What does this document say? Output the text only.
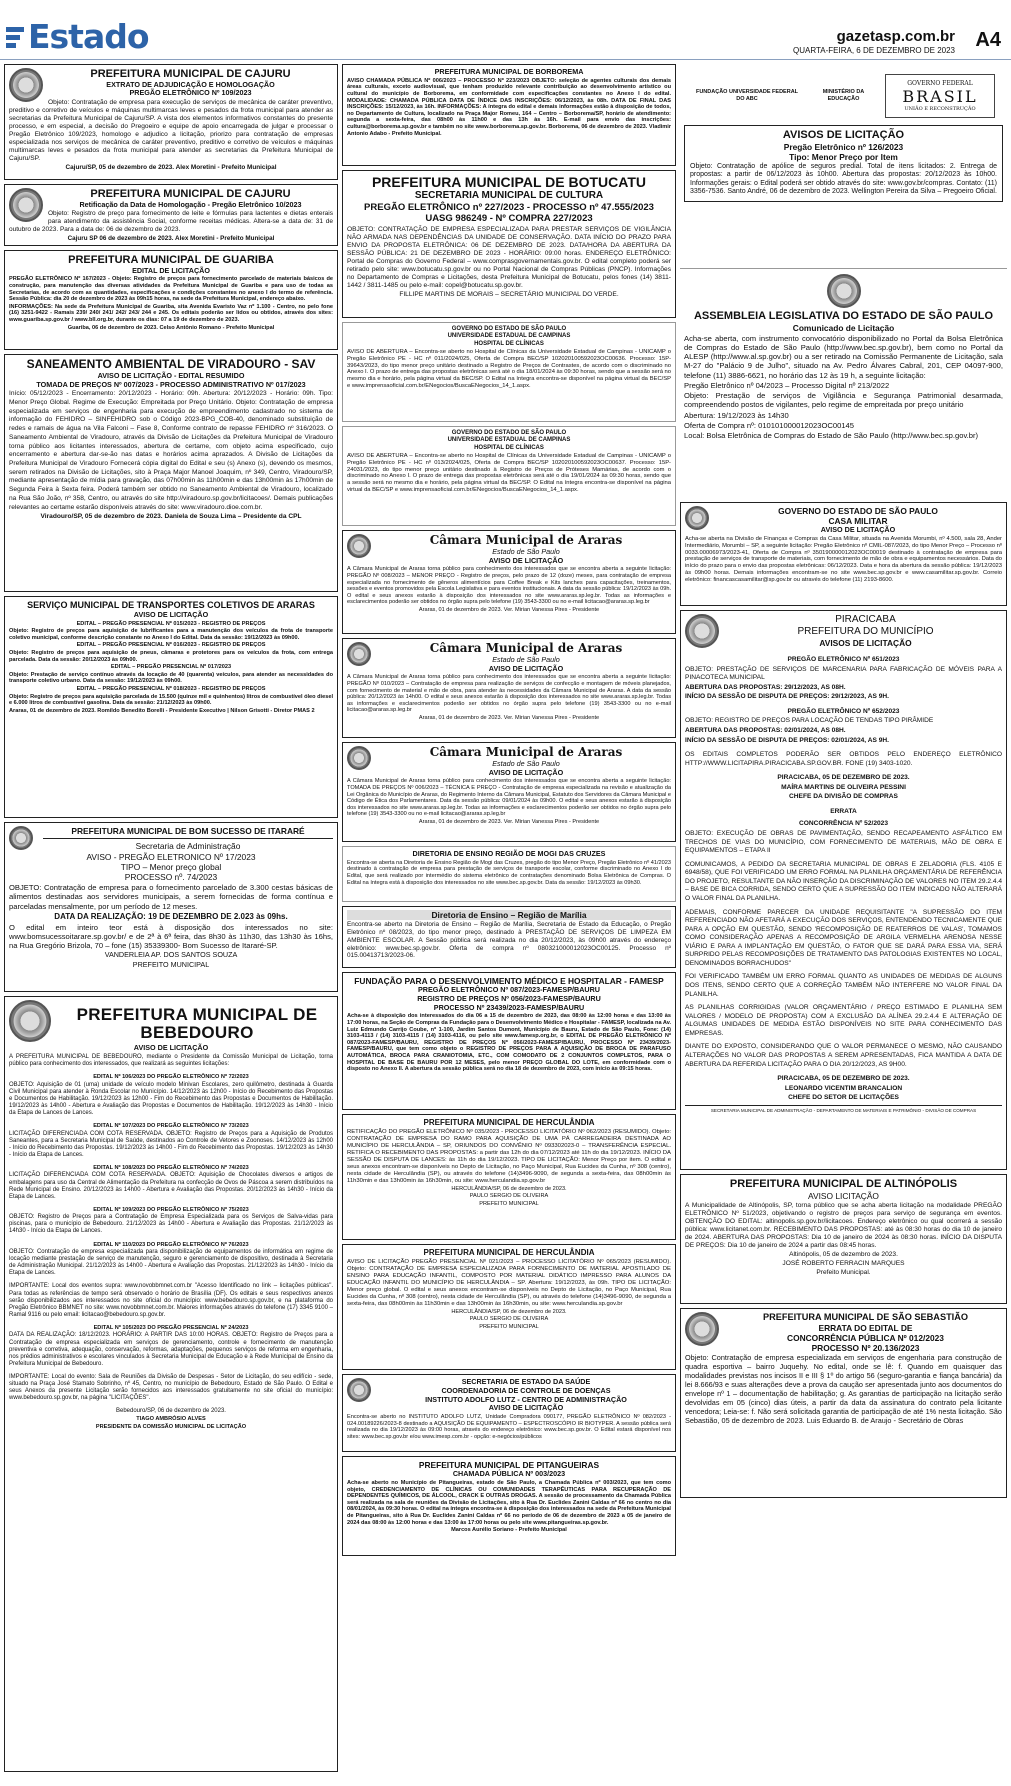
Estado	gazetasp.com.br
QUARTA-FEIRA, 6 DE DEZEMBRO DE 2023 A4
PREFEITURA MUNICIPAL DE CAJURU
EXTRATO DE ADJUDICAÇÃO E HOMOLOGAÇÃO
PREGÃO ELETRÔNICO Nº 109/2023

Objeto: Contratação de empresa para execução de serviços de mecânica de caráter preventivo, preditivo e corretivo de veículos e máquinas multimarcas leves e pesados da frota municipal para atender as secretarias da Prefeitura Municipal de Cajuru/SP. A vista dos elementos informativos constantes do presente processo, e em especial, a decisão do Pregoeiro e equipe de apoio encarregada de julgar e processar o Pregão Eletrônico 109/2023, homologo e adjudico a licitação, priorizo para contratação de empresas especializada nos serviços de mecânica de caráter preventivo, preditivo e corretivo de veículos e máquinas multimarcas leves e pesados da frota municipal para atender as secretarias da Prefeitura Municipal de Cajuru/SP.

Cajuru/SP, 05 de dezembro de 2023. Alex Moretini - Prefeito Municipal

PREFEITURA MUNICIPAL DE CAJURU
Retificação da Data de Homologação - Pregão Eletrônico 10/2023

Objeto: Registro de preço para fornecimento de leite e fórmulas para lactentes e dietas enterais para atendimento da assistência Social, conforme receitas médicas. Altera-se a data de: 31 de outubro de 2023. Para a data de: 06 de dezembro de 2023.

Cajuru SP 06 de dezembro de 2023. Alex Moretini - Prefeito Municipal

PREFEITURA MUNICIPAL DE GUARIBA
EDITAL DE LICITAÇÃO

PREGÃO ELETRÔNICO Nº 167/2023 - Objeto: Registro de preços para fornecimento parcelado de materiais básicos de construção, para manutenção das diversas atividades da Prefeitura Municipal de Guariba e para uso de todas as Secretarias, de acordo com as quantidades, especificações e condições constantes no anexo I do termo de referência. Sessão Pública: dia 20 de dezembro de 2023 às 09h15 horas, na sede da Prefeitura Municipal, endereço abaixo.

INFORMAÇÕES: Na sede da Prefeitura Municipal de Guariba, sita Avenida Evaristo Vaz nº 1.100 - Centro, no pelo fone (16) 3251-9422 - Ramais 239/ 240/ 241/ 242/ 243/ 244 e 245. Os editais poderão ser lidos ou obtidos, através dos sites: www.guariba.sp.gov.br / www.bll.org.br, durante os dias: 07 a 19 de dezembro de 2023.

Guariba, 06 de dezembro de 2023. Celso Antônio Romano - Prefeito Municipal

SANEAMENTO AMBIENTAL DE VIRADOURO - SAV
AVISO DE LICITAÇÃO - EDITAL RESUMIDO
TOMADA DE PREÇOS Nº 007/2023 - PROCESSO ADMINISTRATIVO Nº 017/2023

Início: 05/12/2023 - Encerramento: 20/12/2023 - Horário: 09h. Abertura: 20/12/2023 - Horário: 09h. Tipo: Menor Preço Global. Regime de Execução: Empreitada por Preço Unitário. Objeto: Contratação de empresa especializada em serviços de engenharia para execução de empreendimento cadastrado no sistema de informação do FEHIDRO – SINFEHIDRO sob o Código 2023-BPG_COB-40, denominado substituição de redes e ramais de água na Vila Falconi – Fase 8, Conforme contrato de repasse FEHIDRO nº 316/2023. O Saneamento Ambiental de Viradouro, através da Divisão de Licitações da Prefeitura Municipal de Viradouro torna público aos licitantes interessados, abertura de certame, com objeto acima especificado, cujo encerramento e abertura dar-se-ão nas datas e horários acima aprazados. A Divisão de Licitações da Prefeitura Municipal de Viradouro Fornecerá cópia digital do Edital e seu (s) Anexo (s), devendo os mesmos, serem retirados na Divisão de Licitações, sito à Praça Major Manoel Joaquim, nº 349, Centro, Viradouro/SP, mediante apresentação de mídia para gravação, das 07h00min às 11h00min e das 13h00min às 17h00min de Segunda Feira à Sexta feira. Poderá também ser obtido no Saneamento Ambiental de Viradouro, localizado na Rua São João, nº 358, Centro, ou através do site http://viradouro.sp.gov.br/licitacoes/. Demais publicações relevantes ao certame estarão disponíveis através do site: www.viradouro.dioe.com.br.

Viradouro/SP, 05 de dezembro de 2023. Daniela de Souza Lima – Presidente da CPL

SERVIÇO MUNICIPAL DE TRANSPORTES COLETIVOS DE ARARAS
AVISO DE LICITAÇÃO

EDITAL – PREGÃO PRESENCIAL Nº 015/2023 - REGISTRO DE PREÇOS

Objeto: Registro de preços para aquisição de lubrificantes para a manutenção dos veículos da frota de transporte coletivo municipal, conforme descrição constante no Anexo I do Edital. Data da sessão: 19/12/2023 às 09h00.

EDITAL – PREGÃO PRESENCIAL Nº 016/2023 - REGISTRO DE PREÇOS

Objeto: Registro de preços para aquisição de pneus, câmaras e protetores para os veículos da frota, com entrega parcelada. Data da sessão: 20/12/2023 às 09h00.

EDITAL – PREGÃO PRESENCIAL Nº 017/2023

Objeto: Prestação de serviço contínuo através da locação de 40 (quarenta) veículos, para atender as necessidades do transporte coletivo urbano. Data da sessão: 19/12/2023 às 09h00.

EDITAL – PREGÃO PRESENCIAL Nº 018/2023 - REGISTRO DE PREÇOS

Objeto: Registro de preços para aquisição parcelada de 15.500 (quinze mil e quinhentos) litros de combustível óleo diesel e 6.000 litros de combustível gasolina. Data da sessão: 21/12/2023 às 09h00.

Araras, 01 de dezembro de 2023. Romildo Benedito Borelli - Presidente Executivo | Nilson Grisotti - Diretor PMAS 2

PREFEITURA MUNICIPAL DE BOM SUCESSO DE ITARARÉ
Secretaria de Administração
AVISO - PREGÃO ELETRONICO Nº 17/2023
TIPO – Menor preço global
PROCESSO nº. 74/2023

OBJETO: Contratação de empresa para o fornecimento parcelado de 3.300 cestas básicas de alimentos destinadas aos servidores municipais, a serem fornecidas de forma contínua e parceladas mensalmente, por um período de 12 meses.

DATA DA REALIZAÇÃO: 19 DE DEZEMBRO DE 2.023 às 09hs.

O edital em inteiro teor está à disposição dos interessados no site: www.bomsucessoitarare.sp.gov.br/ e de 2ª à 6ª feira, das 8h30 às 11h30, das 13h30 às 16hs, na Rua Gregório Brizola, 70 – fone (15) 35339300- Bom Sucesso de Itararé-SP.

VANDERLEIA AP. DOS SANTOS SOUZA

PREFEITO MUNICIPAL

PREFEITURA MUNICIPAL DE BEBEDOURO
AVISO DE LICITAÇÃO

A PREFEITURA MUNICIPAL DE BEBEDOURO, mediante o Presidente da Comissão Municipal de Licitação, torna público para conhecimento dos interessados, que realizará as seguintes licitações:

EDITAL Nº 106/2023 DO PREGÃO ELETRÔNICO Nº 72/2023

OBJETO: Aquisição de 01 (uma) unidade de veículo modelo Minivan Escolares, zero quilômetro, destinada à Guarda Civil Municipal para atender à Ronda Escolar no Município. 14/12/2023 às 12h00 - Início do Recebimento das Propostas e Documentos de Habilitação. 19/12/2023 às 12h00 - Fim do Recebimento das Propostas e Documentos de Habilitação. 19/12/2023 às 14h00 - Abertura e Avaliação das Propostas e Documentos de Habilitação. 19/12/2023 às 14h30 - Início da Etapa de Lances de Lances.

EDITAL Nº 107/2023 DO PREGÃO ELETRÔNICO Nº 73/2023

LICITAÇÃO DIFERENCIADA COM COTA RESERVADA. OBJETO: Registro de Preços para a Aquisição de Produtos Saneantes, para a Secretaria Municipal de Saúde, destinados ao Controle de Vetores e Zoonoses. 14/12/2023 às 12h00 - Início do Recebimento das Propostas. 19/12/2023 às 14h00 - Fim do Recebimento das Propostas. 19/12/2023 às 14h30 - Início da Etapa de Lances.

EDITAL Nº 108/2023 DO PREGÃO ELETRÔNICO Nº 74/2023

LICITAÇÃO DIFERENCIADA COM COTA RESERVADA. OBJETO: Aquisição de Chocolates diversos e artigos de embalagens para uso da Central de Alimentação da Prefeitura na confecção de Ovos de Páscoa a serem distribuídos na Rede Municipal de Ensino. 20/12/2023 às 14h00 - Abertura e Avaliação das Propostas. 20/12/2023 às 14h30 - Início da Etapa de Lances.

EDITAL Nº 109/2023 DO PREGÃO ELETRÔNICO Nº 75/2023

OBJETO: Registro de Preços para a Contratação de Empresa Especializada para os Serviços de Salva-vidas para piscinas, para o município de Bebedouro. 21/12/2023 às 14h00 - Abertura e Avaliação das Propostas. 21/12/2023 às 14h30 - Início da Etapa de Lances.

EDITAL Nº 110/2023 DO PREGÃO ELETRÔNICO Nº 76/2023

OBJETO: Contratação de empresa especializada para disponibilização de equipamentos de informática em regime de locação mediante prestação de serviço de manutenção, seguro e gerenciamento de dispositivo, destinada à Secretaria de Administração Municipal. 21/12/2023 às 14h00 - Abertura e Avaliação das Propostas. 21/12/2023 às 14h30 - Início da Etapa de Lances.

IMPORTANTE: Local dos eventos supra: www.novobbmnet.com.br "Acesso Identificado no link – licitações públicas". Para todas as referências de tempo será observado o horário de Brasília (DF). Os editais e seus respectivos anexos serão disponibilizados aos interessados no site oficial do município: www.bebedouro.sp.gov.br, e na plataforma do Pregão Eletrônico BBMNET no site: www.novobbmnet.com.br. Maiores informações através do telefone (17) 3345 9100 – Ramal 9116 ou pelo email: licitacao@bebedouro.sp.gov.br.

EDITAL Nº 105/2023 DO PREGÃO PRESENCIAL Nº 24/2023

DATA DA REALIZAÇÃO: 18/12/2023. HORÁRIO: A PARTIR DAS 10:00 HORAS. OBJETO: Registro de Preços para a Contratação de empresa especializada em serviços de gerenciamento, controle e fornecimento de manutenção preventiva e corretiva, adequação, conservação, reformas, adaptações, pequenos serviços de reforma em engenharia, nos prédios administrativos e escolares vinculados à Secretaria Municipal de Educação e à Rede Municipal de Ensino da Prefeitura Municipal de Bebedouro.

IMPORTANTE: Local do evento: Sala de Reuniões da Divisão de Despesas - Setor de Licitação, do seu edifício - sede, situado na Praça José Stamato Sobrinho, nº 45, Centro, no município de Bebedouro, Estado de São Paulo. O Edital e seus Anexos da presente Licitação serão fornecidos aos interessados gratuitamente no site oficial do município: www.bebedouro.sp.gov.br, na página "LICITAÇÕES".

Bebedouro/SP, 06 de dezembro de 2023.

TIAGO AMBRÓSIO ALVES

PRESIDENTE DA COMISSÃO MUNICIPAL DE LICITAÇÃO

PREFEITURA MUNICIPAL DE BORBOREMA

AVISO CHAMADA PÚBLICA Nº 006/2023 – PROCESSO Nº 223/2023 OBJETO: seleção de agentes culturais dos demais áreas culturais, exceto audiovisual, que tenham produzido relevante contribuição ao desenvolvimento artístico ou cultural do município de Borborema, em conformidade com especificações constantes no Anexo I do edital. MODALIDADE: CHAMADA PÚBLICA DATA DE ÍNDICE DAS INSCRIÇÕES: 06/12/2023, às 08h. DATA DE FINAL DAS INSCRIÇÕES: 15/12/2023, às 16h. INFORMAÇÕES: A íntegra do edital e demais informações estão à disposição de todos, no Departamento de Cultura, localizado na Praça Major Romeu, 164 – Centro – Borborema/SP, horário de atendimento: segunda a sexta-feira, das 08h00 às 11h00 e das 13h às 16h. E-mail para envio das inscrições: cultura@borborema.sp.gov.br e também no site www.borborema.sp.gov.br. Borborema, 06 de dezembro de 2023. Vladimir Antonio Adabo - Prefeito Municipal.

PREFEITURA MUNICIPAL DE BOTUCATU
SECRETARIA MUNICIPAL DE CULTURA
PREGÃO ELETRÔNICO nº 227/2023 - PROCESSO nº 47.555/2023
UASG 986249 - Nº COMPRA 227/2023

OBJETO: CONTRATAÇÃO DE EMPRESA ESPECIALIZADA PARA PRESTAR SERVIÇOS DE VIGILÂNCIA NÃO ARMADA NAS DEPENDÊNCIAS DA UNIDADE DE CONSERVAÇÃO. DATA INÍCIO DO PRAZO PARA ENVIO DA PROPOSTA ELETRÔNICA: 06 DE DEZEMBRO DE 2023. DATA/HORA DA ABERTURA DA SESSÃO PÚBLICA: 21 DE DEZEMBRO DE 2023 - HORÁRIO: 09:00 horas. ENDEREÇO ELETRÔNICO: Portal de Compras do Governo Federal – www.comprasgovernamentais.gov.br. O edital completo poderá ser retirado pelo site: www.botucatu.sp.gov.br ou no Portal Nacional de Compras Públicas (PNCP). Informações no Departamento de Compras e Licitações, desta Prefeitura Municipal de Botucatu, pelos fones (14) 3811-1442 / 3811-1485 ou pelo e-mail: copel@botucatu.sp.gov.br.

FILLIPE MARTINS DE MORAIS – SECRETÁRIO MUNICIPAL DO VERDE.

GOVERNO DO ESTADO DE SÃO PAULO
UNIVERSIDADE ESTADUAL DE CAMPINAS
HOSPITAL DE CLÍNICAS

AVISO DE ABERTURA – Encontra-se aberto no Hospital de Clínicas da Universidade Estadual de Campinas - UNICAMP o Pregão Eletrônico PE - HC nº 011/2024/025, Oferta de Compra BEC/SP 102020100592023OC00636. Processo: 15P-39643/2023, do tipo menor preço unitário destinado a Registro de Preços de Contrastes, de acordo com o discriminado no Anexo I. O prazo de entrega das propostas eletrônicas será até o dia 18/01/2024 às 09:30 horas, sendo que a sessão será no mesmo dia e horário, pela página virtual da BEC/SP. O Edital na íntegra encontra-se disponível na página virtual da BEC/SP e www.imprensaoficial.com.br/ENegocios/BuscaENegocios_14_1.aspx.

GOVERNO DO ESTADO DE SÃO PAULO
UNIVERSIDADE ESTADUAL DE CAMPINAS
HOSPITAL DE CLÍNICAS

AVISO DE ABERTURA – Encontra-se aberto no Hospital de Clínicas da Universidade Estadual de Campinas - UNICAMP o Pregão Eletrônico PE - HC nº 013/2024/025, Oferta de Compra BEC/SP 102020100592023OC00637. Processo: 15P-24031/2023, do tipo menor preço unitário destinado à Registro de Preços de Próteses Mamárias, de acordo com o discriminado no Anexo I. O prazo de entrega das propostas eletrônicas será até o dia 19/01/2024 às 09:30 horas, sendo que a sessão será no mesmo dia e horário, pela página virtual da BEC/SP. O Edital na íntegra encontra-se disponível na página virtual da BEC/SP e www.imprensaoficial.com.br/ENegocios/BuscaENegocios_14_1.aspx.

Câmara Municipal de Araras
Estado de São Paulo
AVISO DE LICITAÇÃO

A Câmara Municipal de Araras torna público para conhecimento dos interessados que se encontra aberta a seguinte licitação: PREGÃO Nº 008/2023 – MENOR PREÇO - Registro de preços, pelo prazo de 12 (doze) meses, para contratação de empresa especializada no fornecimento de gêneros alimentícios para Coffee Break e Kits lanches para capacitações, treinamentos, sessões e eventos promovidos pela Escola Legislativa e para eventos institucionais. A data da sessão pública: 19/12/2023 às 09h. O edital e seus anexos estarão à disposição dos interessados no site www.araras.sp.leg.br. Todas as informações e esclarecimentos poderão ser obtidos no órgão supra pelo telefone (19) 3543-3300 ou no e-mail licitacao@araras.sp.leg.br

Araras, 01 de dezembro de 2023. Ver. Mirian Vanessa Pires - Presidente

Câmara Municipal de Araras
Estado de São Paulo
AVISO DE LICITAÇÃO

A Câmara Municipal de Araras torna público para conhecimento dos interessados que se encontra aberta a seguinte licitação: PREGÃO Nº 010/2023 – Contratação de empresa para realização de serviços de confecção e montagem de móveis planejados, com fornecimento de material e mão de obra, para atender às necessidades da Câmara Municipal de Araras. A data da sessão pública: 20/12/2023 às 14h00. O edital e seus anexos estarão à disposição dos interessados no site www.araras.sp.leg.br. Todas as informações e esclarecimentos poderão ser obtidos no órgão supra pelo telefone (19) 3543-3300 ou no e-mail licitacao@araras.sp.leg.br

Araras, 01 de dezembro de 2023. Ver. Mirian Vanessa Pires - Presidente

Câmara Municipal de Araras
Estado de São Paulo
AVISO DE LICITAÇÃO

A Câmara Municipal de Araras torna público para conhecimento dos interessados que se encontra aberta a seguinte licitação: TOMADA DE PREÇOS Nº 006/2023 – TÉCNICA E PREÇO - Contratação de empresa especializada na revisão e atualização da Lei Orgânica do Município de Araras, do Regimento Interno da Câmara Municipal, Estatuto dos Servidores da Câmara Municipal e Código de Ética dos Parlamentares. Data da sessão pública: 09/01/2024 às 09h00. O edital e seus anexos estarão à disposição dos interessados no site www.araras.sp.leg.br. Todas as informações e esclarecimentos poderão ser obtidos no órgão supra pelo telefone (19) 3543-3300 ou no e-mail licitacao@araras.sp.leg.br

Araras, 01 de dezembro de 2023. Ver. Mirian Vanessa Pires - Presidente

DIRETORIA DE ENSINO REGIÃO DE MOGI DAS CRUZES

Encontra-se aberta na Diretoria de Ensino Região de Mogi das Cruzes, pregão do tipo Menor Preço, Pregão Eletrônico nº 41/2023 destinado à contratação de empresa para prestação de serviços de transporte escolar, conforme discriminado no Anexo I do Edital, que será realizado por intermédio do sistema eletrônico de contratações denominado Bolsa Eletrônica de Compras. O Edital na íntegra está à disposição dos interessados no site www.bec.sp.gov.br. Data da sessão: 19/12/2023 às 09h30.

Diretoria de Ensino – Região de Marília

Encontra-se aberto na Diretoria de Ensino – Região de Marília, Secretaria de Estado da Educação, o Pregão Eletrônico nº 08/2023, do tipo menor preço, destinado à PRESTAÇÃO DE SERVIÇOS DE LIMPEZA EM AMBIENTE ESCOLAR. A Sessão pública será realizada no dia 20/12/2023, às 09h00 através do endereço eletrônico: www.bec.sp.gov.br. Oferta de compra nº 080321000012023OC00125. Processo nº 015.00413713/2023-06.

FUNDAÇÃO PARA O DESENVOLVIMENTO MÉDICO E HOSPITALAR - FAMESP
PREGÃO ELETRÔNICO Nº 087/2023-FAMESP/BAURU
REGISTRO DE PREÇOS Nº 056/2023-FAMESP/BAURU
PROCESSO Nº 23439/2023-FAMESP/BAURU

Acha-se à disposição dos interessados do dia 06 a 15 de dezembro de 2023, das 08:00 às 12:00 horas e das 13:00 às 17:00 horas, na Seção de Compras da Fundação para o Desenvolvimento Médico e Hospitalar - FAMESP, localizada na Av. Luiz Edmundo Carrijo Coube, nº 1-100, Jardim Santos Dumont, Município de Bauru, Estado de São Paulo, Fone: (14) 3103-4113 / (14) 3103-4115 / (14) 3103-4116, ou pelo site www.famesp.org.br, o EDITAL DE PREGÃO ELETRÔNICO Nº 087/2023-FAMESP/BAURU, REGISTRO DE PREÇOS Nº 056/2023-FAMESP/BAURU, PROCESSO Nº 23439/2023-FAMESP/BAURU, que tem como objeto o REGISTRO DE PREÇOS PARA A AQUISIÇÃO DE BROCA DE PARAFUSO AUTOMÁTICA, BROCA PARA CRANIOTOMIA, ETC., COM COMODATO DE 2 CONJUNTOS COMPLETOS, PARA O HOSPITAL DE BASE DE BAURU POR 12 MESES, pelo menor PREÇO GLOBAL DO LOTE, em conformidade com o disposto no Anexo II. A abertura da sessão pública será no dia 18 de dezembro de 2023, com início às 09:15 horas.

PREFEITURA MUNICIPAL DE HERCULÂNDIA

RETIFICAÇÃO DO PREGÃO ELETRÔNICO Nº 035/2023 - PROCESSO LICITATÓRIO Nº 062/2023 (RESUMIDO). Objeto: CONTRATAÇÃO DE EMPRESA DO RAMO PARA AQUISIÇÃO DE UMA PÁ CARREGADEIRA DESTINADA AO MUNICÍPIO DE HERCULÂNDIA – SP, ORIUNDOS DO CONVÊNIO Nº 093302023-0 – TRANSFERÊNCIA ESPECIAL. RETIFICA O RECEBIMENTO DAS PROPOSTAS: a partir das 12h do dia 07/12/2023 até 11h do dia 19/12/2023. INÍCIO DA SESSÃO DE DISPUTA DE LANCES: às 11h do dia 19/12/2023. TIPO DE LICITAÇÃO: Menor Preço por item. O edital e seus anexos encontram-se disponíveis no Depto de Licitação, no Paço Municipal, Rua Eucides da Cunha, nº 308 (centro), nesta cidade de Herculândia (SP), ou através do telefone (14)3496-9090, de segunda a sexta-feira, das 08h00min às 11h30min e das 13h00min às 16h30min, ou site: www.herculandia.sp.gov.br

HERCULÂNDIA/SP, 06 de dezembro de 2023.

PAULO SERGIO DE OLIVEIRA

PREFEITO MUNICIPAL

PREFEITURA MUNICIPAL DE HERCULÂNDIA

AVISO DE LICITAÇÃO PREGÃO PRESENCIAL Nº 021/2023 – PROCESSO LICITATÓRIO Nº 065/2023 (RESUMIDO). Objeto: CONTRATAÇÃO DE EMPRESA ESPECIALIZADA PARA FORNECIMENTO DE MATERIAL APOSTILADO DE ENSINO PARA EDUCAÇÃO INFANTIL, COMPOSTO POR MATERIAL DIDÁTICO IMPRESSO PARA ALUNOS DA EDUCAÇÃO INFANTIL DO MUNICÍPIO DE HERCULÂNDIA – SP. Abertura: 19/12/2023, às 09h. TIPO DE LICITAÇÃO: Menor preço global. O edital e seus anexos encontram-se disponíveis no Depto de Licitação, no Paço Municipal, Rua Eucides da Cunha, nº 308 (centro), nesta cidade de Herculândia (SP), ou através do telefone (14)3496-9090, de segunda a sexta-feira, das 08h00min às 11h30min e das 13h00min às 16h30min, ou site: www.herculandia.sp.gov.br

HERCULÂNDIA/SP, 06 de dezembro de 2023.

PAULO SERGIO DE OLIVEIRA

PREFEITO MUNICIPAL

SECRETARIA DE ESTADO DA SAÚDE
COORDENADORIA DE CONTROLE DE DOENÇAS
INSTITUTO ADOLFO LUTZ - CENTRO DE ADMINISTRAÇÃO
AVISO DE LICITAÇÃO

Encontra-se aberto no INSTITUTO ADOLFO LUTZ, Unidade Compradora 090177, PREGÃO ELETRÔNICO Nº 082/2023 - 024.00189226/2023-8 destinado a AQUISIÇÃO DE EQUIPAMENTO – ESPECTROSCÓPIO IR BIOTYPER. A sessão pública será realizada no dia 19/12/2023 às 09:00 horas, através do endereço eletrônico: www.bec.sp.gov.br. O Edital estará disponível nos sites: www.bec.sp.gov.br e/ou www.imesp.com.br - opção: e-negócios/públicos

PREFEITURA MUNICIPAL DE PITANGUEIRAS
CHAMADA PÚBLICA Nº 003/2023

Acha-se aberto no Município de Pitangueiras, estado de São Paulo, a Chamada Pública nº 003/2023, que tem como objeto, CREDENCIAMENTO DE CLÍNICAS OU COMUNIDADES TERAPÊUTICAS PARA RECUPERAÇÃO DE DEPENDENTES QUÍMICOS, DE ÁLCOOL, CRACK E OUTRAS DROGAS. A sessão de processamento da Chamada Pública será realizada na sala de reuniões da Divisão de Licitações, sito à Rua Dr. Euclides Zanini Caldas nº 66 no centro no dia 08/01/2024, às 09:30 horas. O edital na íntegra encontra-se à disposição dos interessados na sede da Prefeitura Municipal de Pitangueiras, sito à Rua Dr. Euclides Zanini Caldas nº 66 no período de 06 de dezembro de 2023 a 05 de janeiro de 2024 das 08:00 às 12:00 horas e das 13:00 às 17:00 horas ou pelo site www.pitangueiras.sp.gov.br.

Marcos Aurélio Soriano - Prefeito Municipal

FUNDAÇÃO UNIVERSIDADE FEDERAL DO ABC
MINISTÉRIO DA EDUCAÇÃO
GOVERNO FEDERAL
BRASIL
UNIÃO E RECONSTRUÇÃO
AVISOS DE LICITAÇÃO
Pregão Eletrônico nº 126/2023
Tipo: Menor Preço por Item

Objeto: Contratação de apólice de seguros predial. Total de itens licitados: 2. Entrega de propostas: a partir de 06/12/2023 às 10h00. Abertura das propostas: 20/12/2023 às 10h00. Informações gerais: o Edital poderá ser obtido através do site: www.gov.br/compras. Contato: (11) 3356-7536. Santo André, 06 de dezembro de 2023. Wellington Pereira da Silva – Pregoeiro Oficial.

ASSEMBLEIA LEGISLATIVA DO ESTADO DE SÃO PAULO
Comunicado de Licitação

Acha-se aberta, com instrumento convocatório disponibilizado no Portal da Bolsa Eletrônica de Compras do Estado de São Paulo (http://www.bec.sp.gov.br), bem como no Portal da ALESP (http://www.al.sp.gov.br) ou a ser retirado na Comissão Permanente de Licitação, sala M-27 do "Palácio 9 de Julho", situado na Av. Pedro Álvares Cabral, 201, CEP 04097-900, telefone (11) 3886-6621, no horário das 12 às 19 h, a seguinte licitação:

Pregão Eletrônico nº 04/2023 – Processo Digital nº 213/2022

Objeto: Prestação de serviços de Vigilância e Segurança Patrimonial desarmada, compreendendo postos de vigilantes, pelo regime de empreitada por preço unitário

Abertura: 19/12/2023 às 14h30

Oferta de Compra nº: 010101000012023OC00145

Local: Bolsa Eletrônica de Compras do Estado de São Paulo (http://www.bec.sp.gov.br)

GOVERNO DO ESTADO DE SÃO PAULO
CASA MILITAR
AVISO DE LICITAÇÃO

Acha-se aberta na Divisão de Finanças e Compras da Casa Militar, situada na Avenida Morumbi, nº 4.500, sala 28, Ander Intermediário, Morumbi – SP, a seguinte licitação: Pregão Eletrônico nº CMIL-087/2023, do tipo Menor Preço – Processo nº 0033.00006973/2023-41, Oferta de Compra nº 350190000012023OC00019 destinado à contratação de empresa para prestação de serviços de transporte de materiais, com fornecimento de mão de obra e equipamentos necessários. Data do início do prazo para o envio das propostas eletrônicas: 06/12/2023. Data e hora da abertura da sessão pública: 19/12/2023 às 09h00 horas. Demais informações encontram-se no site www.bec.sp.gov.br e www.casamilitar.sp.gov.br. Correio eletrônico: financascasamilitar@sp.gov.br ou através do telefone (11) 2193-8600.

PIRACICABA
PREFEITURA DO MUNICÍPIO
AVISOS DE LICITAÇÃO

PREGÃO ELETRÔNICO Nº 651/2023

OBJETO: PRESTAÇÃO DE SERVIÇOS DE MARCENARIA PARA FABRICAÇÃO DE MÓVEIS PARA A PINACOTECA MUNICIPAL

ABERTURA DAS PROPOSTAS: 29/12/2023, AS 08H.

INÍCIO DA SESSÃO DE DISPUTA DE PREÇOS: 29/12/2023, AS 9H.

PREGÃO ELETRÔNICO Nº 652/2023

OBJETO: REGISTRO DE PREÇOS PARA LOCAÇÃO DE TENDAS TIPO PIRÂMIDE

ABERTURA DAS PROPOSTAS: 02/01/2024, AS 08H.

INÍCIO DA SESSÃO DE DISPUTA DE PREÇOS: 02/01/2024, AS 9H.

OS EDITAIS COMPLETOS PODERÃO SER OBTIDOS PELO ENDEREÇO ELETRÔNICO HTTP://WWW.LICITAPIRA.PIRACICABA.SP.GOV.BR. FONE (19) 3403-1020.

PIRACICABA, 05 DE DEZEMBRO DE 2023.

MAÍRA MARTINS DE OLIVEIRA PESSINI

CHEFE DA DIVISÃO DE COMPRAS

ERRATA

CONCORRÊNCIA Nº 52/2023

OBJETO: EXECUÇÃO DE OBRAS DE PAVIMENTAÇÃO, SENDO RECAPEAMENTO ASFÁLTICO EM TRECHOS DE VIAS DO MUNICÍPIO, COM FORNECIMENTO DE MATERIAIS, MÃO DE OBRA E EQUIPAMENTOS – ETAPA II

COMUNICAMOS, A PEDIDO DA SECRETARIA MUNICIPAL DE OBRAS E ZELADORIA (FLS. 4105 E 6948/58), QUE FOI VERIFICADO UM ERRO FORMAL NA PLANILHA ORÇAMENTÁRIA DE REFERÊNCIA DO PROJETO, RESULTANTE DA NÃO INSERÇÃO DA DISCRIMINAÇÃO DE VALORES NO ITEM 29.2.4.4 – BASE DE BICA CORRIDA, SENDO CERTO QUE A SUPRESSÃO DO ITEM INDICADO NÃO ALTERARÁ O VALOR FINAL DA PLANILHA.

ADEMAIS, CONFORME PARECER DA UNIDADE REQUISITANTE "A SUPRESSÃO DO ITEM REFERENCIADO NÃO AFETARÁ A EXECUÇÃO DOS SERVIÇOS, ENTENDENDO TECNICAMENTE QUE PARA A OPÇÃO EM QUESTÃO, SENDO 'RECOMPOSIÇÃO DE REATERROS DE VALAS', TOMAMOS COMO CONSIDERAÇÃO APENAS A RECOMPOSIÇÃO DE ARGILA VERMELHA ARENOSA NESSE VIÁRIO E PARA A IMPLANTAÇÃO EM QUESTÃO, O FATOR QUE SE DARÁ PARA ESSA VIA, SERÁ SURPRIDO PELAS RECOMPOSIÇÕES DE TRATAMENTO DAS PATOLOGIAS EXISTENTES NO LOCAL, DENOMINADOS BORRACHUDOS"

FOI VERIFICADO TAMBÉM UM ERRO FORMAL QUANTO AS UNIDADES DE MEDIDAS DE ALGUNS DOS ITENS, SENDO CERTO QUE A CORREÇÃO TAMBÉM NÃO INTERFERE NO VALOR FINAL DA PLANILHA.

AS PLANILHAS CORRIGIDAS (VALOR ORÇAMENTÁRIO / PREÇO ESTIMADO E PLANILHA SEM VALORES / MODELO DE PROPOSTA) COM A EXCLUSÃO DA ALÍNEA 29.2.4.4 E ALTERAÇÃO DE ALGUMAS UNIDADES DE MEDIDA ESTÃO DISPONÍVEIS NO SITE PARA CONHECIMENTO DAS EMPRESAS.

DIANTE DO EXPOSTO, CONSIDERANDO QUE O VALOR PERMANECE O MESMO, NÃO CAUSANDO ALTERAÇÕES NO VALOR DAS PROPOSTAS A SEREM APRESENTADAS, FICA MANTIDA A DATA DE ABERTURA DA REFERIDA LICITAÇÃO PARA O DIA 20/12/2023, AS 9H00.

PIRACICABA, 05 DE DEZEMBRO DE 2023.

LEONARDO VICENTIM BRANCALION

CHEFE DO SETOR DE LICITAÇÕES

SECRETARIA MUNICIPAL DE ADMINISTRAÇÃO - DEPARTAMENTO DE MATERIAIS E PATRIMÔNIO - DIVISÃO DE COMPRAS

PREFEITURA MUNICIPAL DE ALTINÓPOLIS
AVISO LICITAÇÃO

A Municipalidade de Altinópolis, SP, torna público que se acha aberta licitação na modalidade PREGÃO ELETRÔNICO Nº 51/2023, objetivando o registro de preços para serviço de segurança em eventos. OBTENÇÃO DO EDITAL: altinopolis.sp.gov.br/licitacoes. Endereço eletrônico ou qual ocorrerá a sessão pública: www.licitanet.com.br. RECEBIMENTO DAS PROPOSTAS: até às 08:30 horas do dia 10 de janeiro de 2024. ABERTURA DAS PROPOSTAS: Dia 10 de janeiro de 2024 às 08:30 horas. INÍCIO DA DISPUTA DE PREÇOS: Dia 10 de janeiro de 2024 a partir das 08:45 horas.

Altinópolis, 05 de dezembro de 2023.

JOSÉ ROBERTO FERRACIN MARQUES

Prefeito Municipal.

PREFEITURA MUNICIPAL DE SÃO SEBASTIÃO
ERRATA DO EDITAL DE
CONCORRÊNCIA PÚBLICA Nº 012/2023
PROCESSO Nº 20.136/2023

Objeto: Contratação de empresa especializada em serviços de engenharia para construção de quadra esportiva – bairro Juquehy. No edital, onde se lê: f. Quando em quaisquer das modalidades previstas nos incisos II e III § 1º do artigo 56 (seguro-garantia e fiança bancária) da lei 8.666/93 e suas alterações deve a prova da caução ser apresentada junto aos documentos do envelope nº 1 – documentação de habilitação; g. As garantias de participação na licitação serão devolvidas em 05 (cinco) dias úteis, a partir da data da assinatura do contrato pela licitante vencedora; Leia-se: f. Não será solicitada garantia de participação de até 1% nesta licitação. São Sebastião, 05 de dezembro de 2023. Luis Eduardo B. de Araujo - Secretário de Obras
